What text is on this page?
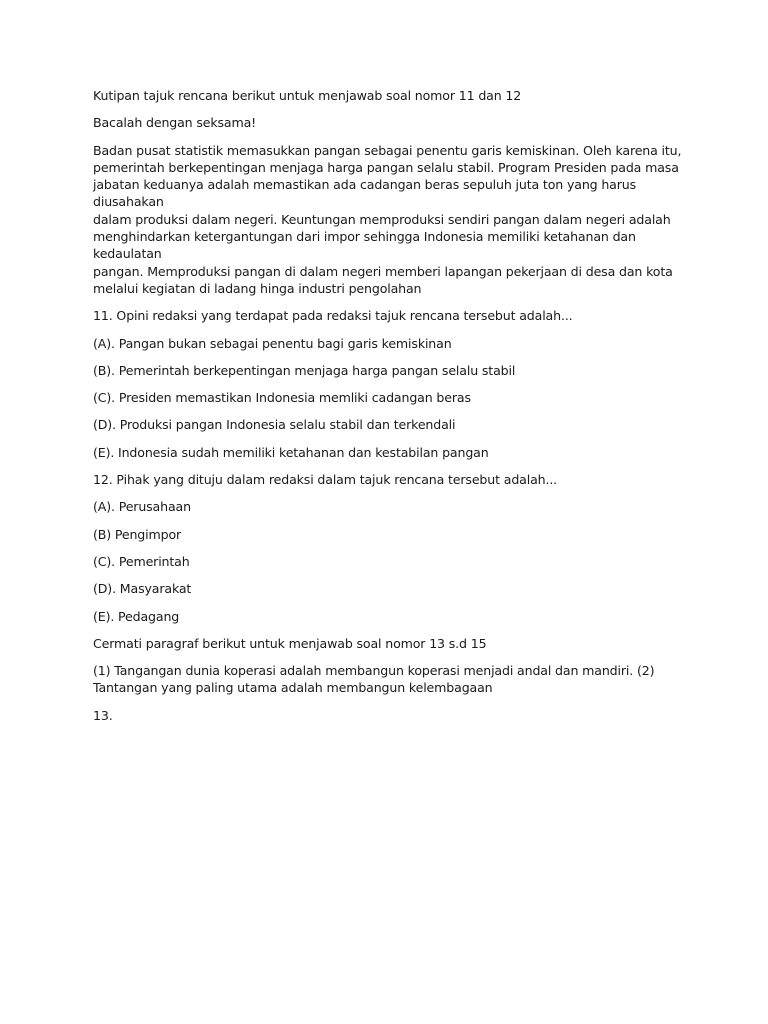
Kutipan tajuk rencana berikut untuk menjawab soal nomor 11 dan 12

Bacalah dengan seksama!

Badan pusat statistik memasukkan pangan sebagai penentu garis kemiskinan. Oleh karena itu,
pemerintah berkepentingan menjaga harga pangan selalu stabil. Program Presiden pada masa
jabatan keduanya adalah memastikan ada cadangan beras sepuluh juta ton yang harus diusahakan
dalam produksi dalam negeri. Keuntungan memproduksi sendiri pangan dalam negeri adalah
menghindarkan ketergantungan dari impor sehingga Indonesia memiliki ketahanan dan kedaulatan
pangan. Memproduksi pangan di dalam negeri memberi lapangan pekerjaan di desa dan kota
melalui kegiatan di ladang hinga industri pengolahan

11. Opini redaksi yang terdapat pada redaksi tajuk rencana tersebut adalah...

(A). Pangan bukan sebagai penentu bagi garis kemiskinan

(B). Pemerintah berkepentingan menjaga harga pangan selalu stabil

(C). Presiden memastikan Indonesia memliki cadangan beras

(D). Produksi pangan Indonesia selalu stabil dan terkendali

(E). Indonesia sudah memiliki ketahanan dan kestabilan pangan

12. Pihak yang dituju dalam redaksi dalam tajuk rencana tersebut adalah...

(A). Perusahaan

(B) Pengimpor

(C). Pemerintah

(D). Masyarakat

(E). Pedagang

Cermati paragraf berikut untuk menjawab soal nomor 13 s.d 15

(1) Tangangan dunia koperasi adalah membangun koperasi menjadi andal dan mandiri. (2)
Tantangan yang paling utama adalah membangun kelembagaan

13.
